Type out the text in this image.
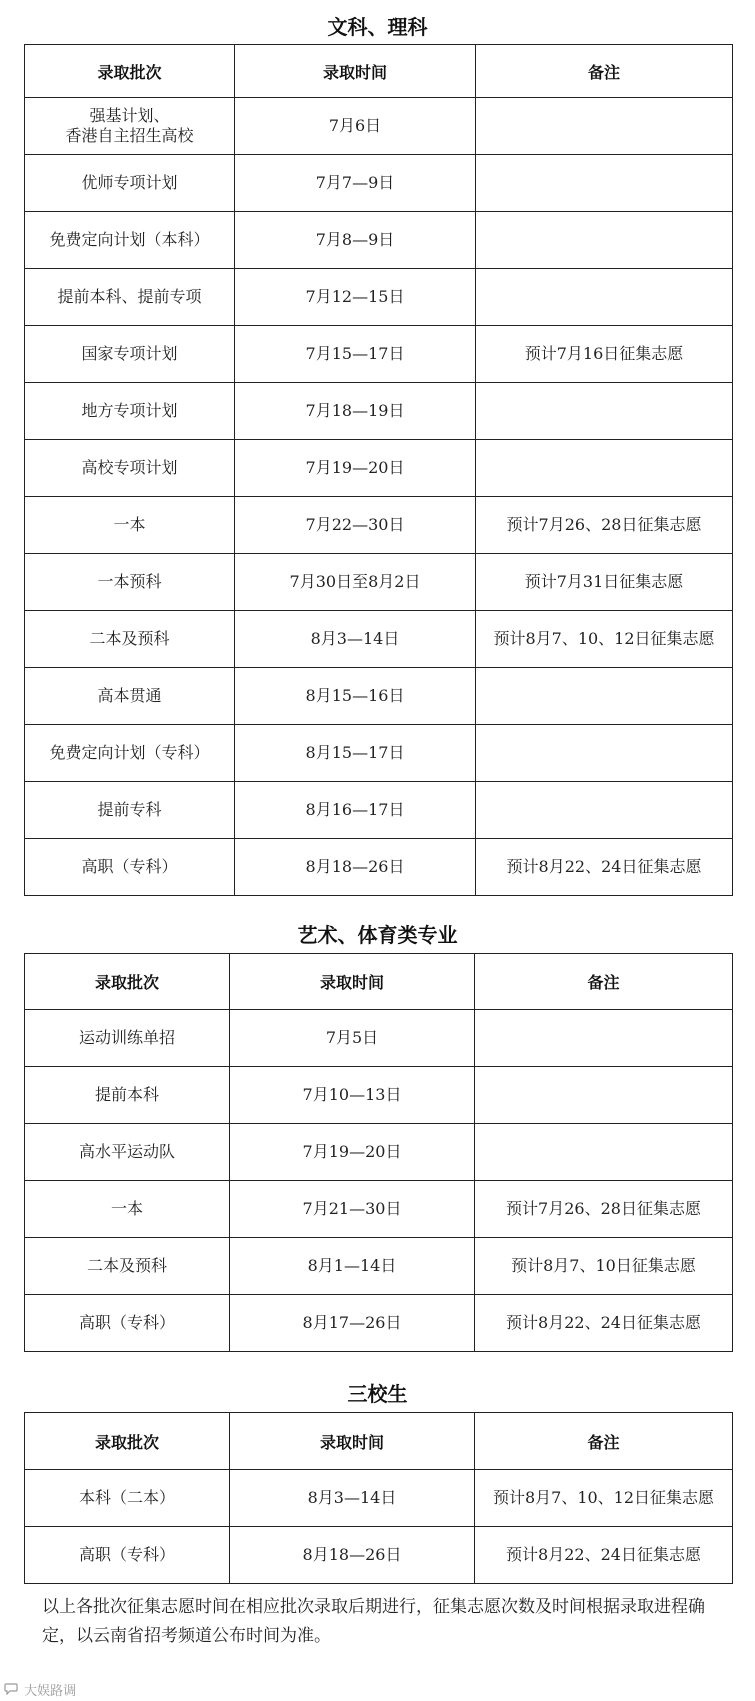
文科、理科
录取批次	录取时间	备注
强基计划、
香港自主招生高校	7月6日	
优师专项计划	7月7—9日	
免费定向计划（本科）	7月8—9日	
提前本科、提前专项	7月12—15日	
国家专项计划	7月15—17日	预计7月16日征集志愿
地方专项计划	7月18—19日	
高校专项计划	7月19—20日	
一本	7月22—30日	预计7月26、28日征集志愿
一本预科	7月30日至8月2日	预计7月31日征集志愿
二本及预科	8月3—14日	预计8月7、10、12日征集志愿
高本贯通	8月15—16日	
免费定向计划（专科）	8月15—17日	
提前专科	8月16—17日	
高职（专科）	8月18—26日	预计8月22、24日征集志愿
艺术、体育类专业
录取批次	录取时间	备注
运动训练单招	7月5日	
提前本科	7月10—13日	
高水平运动队	7月19—20日	
一本	7月21—30日	预计7月26、28日征集志愿
二本及预科	8月1—14日	预计8月7、10日征集志愿
高职（专科）	8月17—26日	预计8月22、24日征集志愿
三校生
录取批次	录取时间	备注
本科（二本）	8月3—14日	预计8月7、10、12日征集志愿
高职（专科）	8月18—26日	预计8月22、24日征集志愿
以上各批次征集志愿时间在相应批次录取后期进行，征集志愿次数及时间根据录取进程确定，以云南省招考频道公布时间为准。
大娱路调
